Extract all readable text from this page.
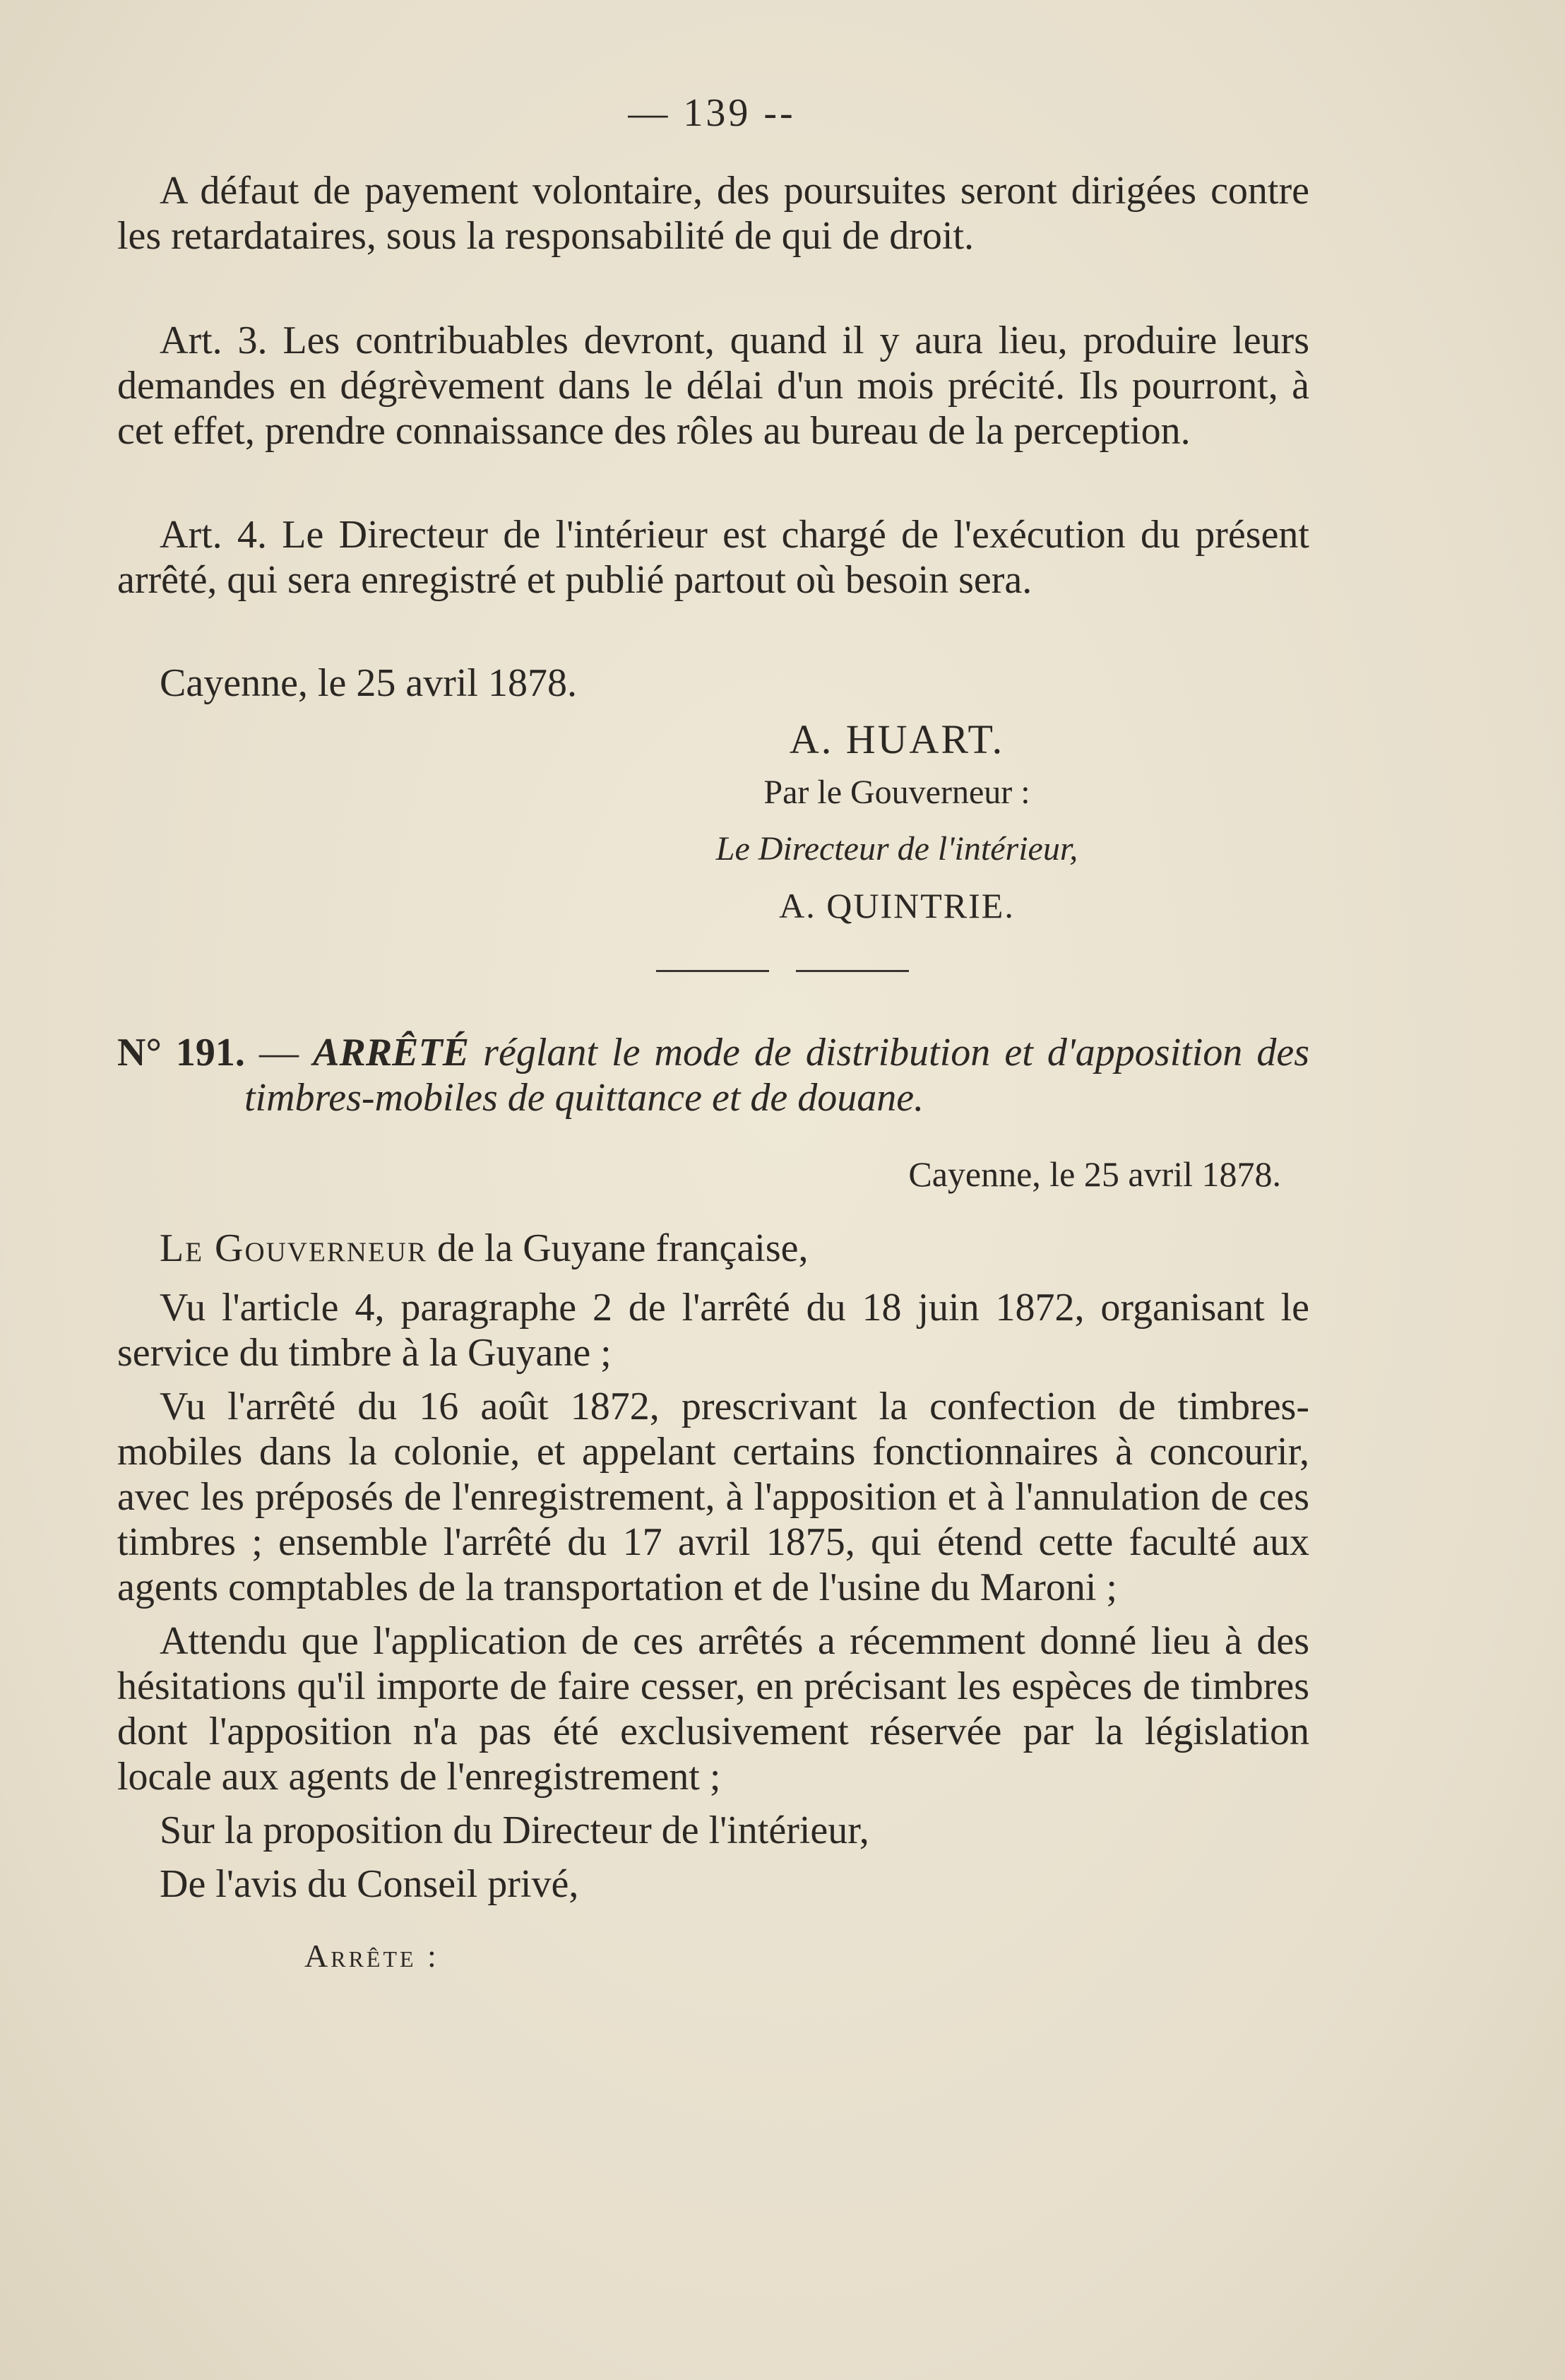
— 139 --

A défaut de payement volontaire, des poursuites seront dirigées contre les retardataires, sous la responsabilité de qui de droit.

Art. 3. Les contribuables devront, quand il y aura lieu, produire leurs demandes en dégrèvement dans le délai d'un mois précité. Ils pourront, à cet effet, prendre connaissance des rôles au bureau de la perception.

Art. 4. Le Directeur de l'intérieur est chargé de l'exécution du présent arrêté, qui sera enregistré et publié partout où besoin sera.

Cayenne, le 25 avril 1878.

A. HUART.

Par le Gouverneur :

Le Directeur de l'intérieur,

A. QUINTRIE.

N° 191. — ARRÊTÉ réglant le mode de distribution et d'apposition des timbres-mobiles de quittance et de douane.

Cayenne, le 25 avril 1878.

Le Gouverneur de la Guyane française,

Vu l'article 4, paragraphe 2 de l'arrêté du 18 juin 1872, organisant le service du timbre à la Guyane ;

Vu l'arrêté du 16 août 1872, prescrivant la confection de timbres-mobiles dans la colonie, et appelant certains fonctionnaires à concourir, avec les préposés de l'enregistrement, à l'apposition et à l'annulation de ces timbres ; ensemble l'arrêté du 17 avril 1875, qui étend cette faculté aux agents comptables de la transportation et de l'usine du Maroni ;

Attendu que l'application de ces arrêtés a récemment donné lieu à des hésitations qu'il importe de faire cesser, en précisant les espèces de timbres dont l'apposition n'a pas été exclusivement réservée par la législation locale aux agents de l'enregistrement ;

Sur la proposition du Directeur de l'intérieur,

De l'avis du Conseil privé,

Arrête :
